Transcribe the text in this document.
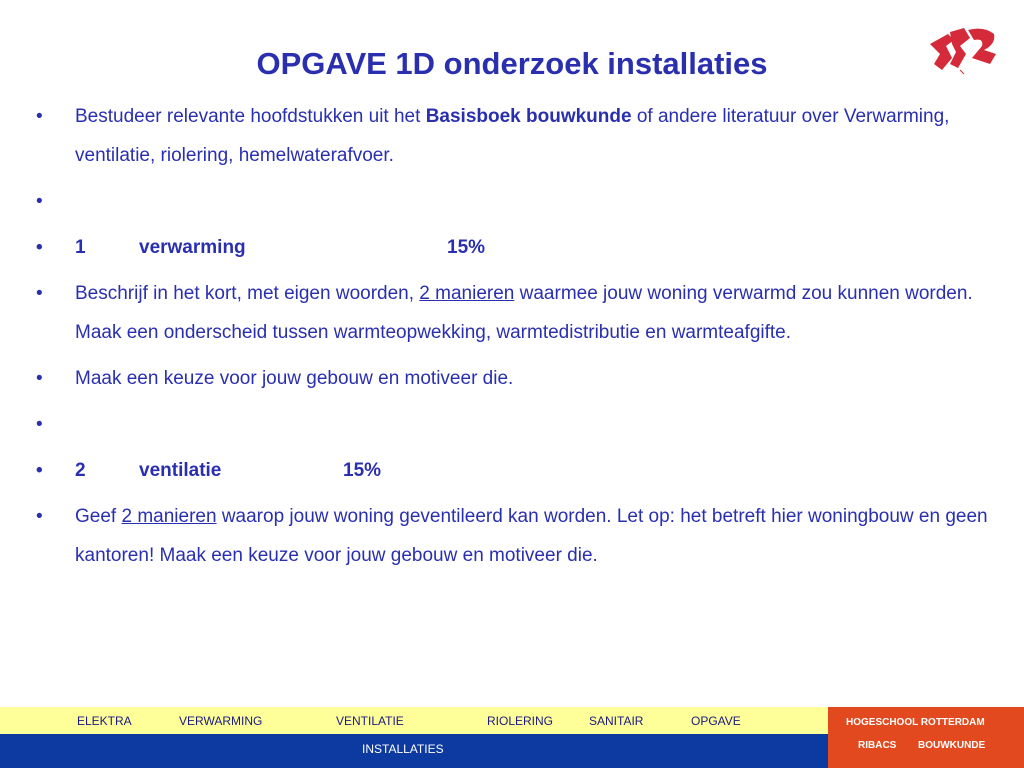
OPGAVE 1D onderzoek installaties
• Bestudeer relevante hoofdstukken uit het Basisboek bouwkunde of andere literatuur over Verwarming, ventilatie, riolering, hemelwaterafvoer.
•

• 1	verwarming	15%
• Beschrijf in het kort, met eigen woorden, 2 manieren waarmee jouw woning verwarmd zou kunnen worden. Maak een onderscheid tussen warmteopwekking, warmtedistributie en warmteafgifte.
• Maak een keuze voor jouw gebouw en motiveer die.
•

• 2	ventilatie	15%
• Geef 2 manieren waarop jouw woning geventileerd kan worden. Let op: het betreft hier woningbouw en geen kantoren! Maak een keuze voor jouw gebouw en motiveer die.
ELEKTRA	VERWARMING	VENTILATIE	RIOLERING	SANITAIR	OPGAVE
INSTALLATIES
HOGESCHOOL ROTTERDAM
RIBACS BOUWKUNDE
